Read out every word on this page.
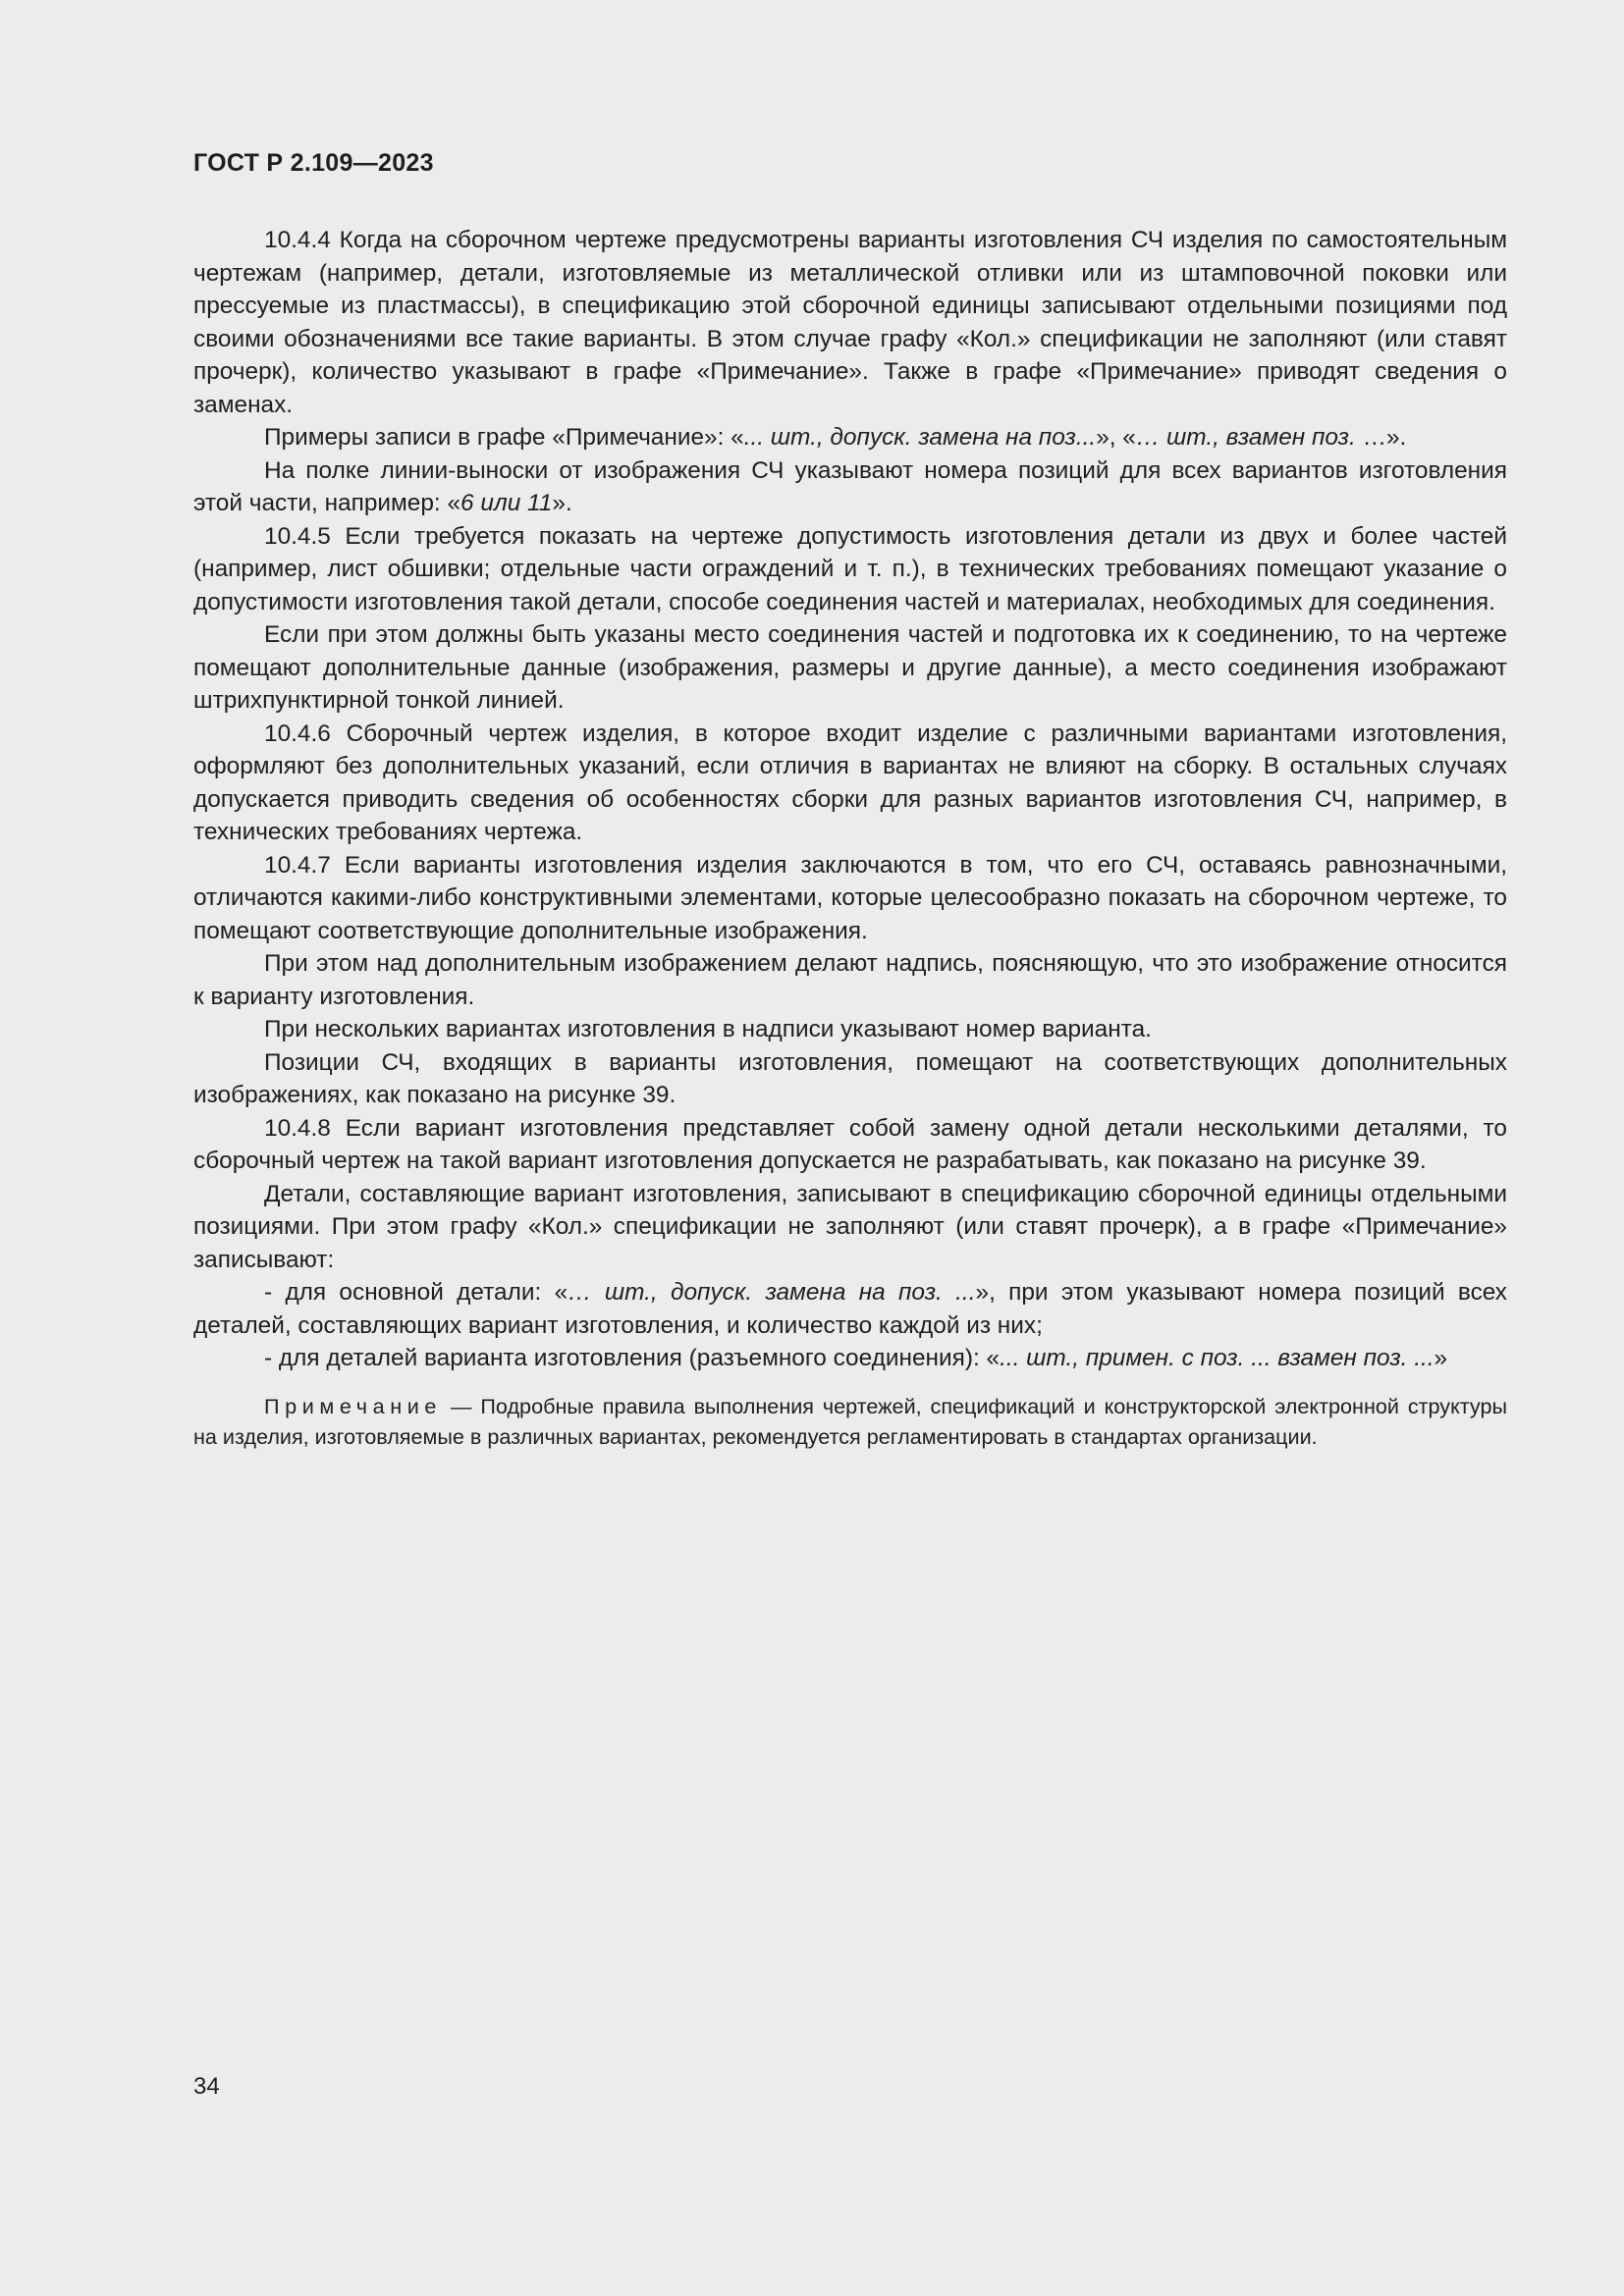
ГОСТ Р 2.109—2023

10.4.4 Когда на сборочном чертеже предусмотрены варианты изготовления СЧ изделия по самостоятельным чертежам (например, детали, изготовляемые из металлической отливки или из штамповочной поковки или прессуемые из пластмассы), в спецификацию этой сборочной единицы записывают отдельными позициями под своими обозначениями все такие варианты. В этом случае графу «Кол.» спецификации не заполняют (или ставят прочерк), количество указывают в графе «Примечание». Также в графе «Примечание» приводят сведения о заменах.

Примеры записи в графе «Примечание»: «... шт., допуск. замена на поз...», «… шт., взамен поз. …».

На полке линии-выноски от изображения СЧ указывают номера позиций для всех вариантов изготовления этой части, например: «6 или 11».

10.4.5 Если требуется показать на чертеже допустимость изготовления детали из двух и более частей (например, лист обшивки; отдельные части ограждений и т. п.), в технических требованиях помещают указание о допустимости изготовления такой детали, способе соединения частей и материалах, необходимых для соединения.

Если при этом должны быть указаны место соединения частей и подготовка их к соединению, то на чертеже помещают дополнительные данные (изображения, размеры и другие данные), а место соединения изображают штрихпунктирной тонкой линией.

10.4.6 Сборочный чертеж изделия, в которое входит изделие с различными вариантами изготовления, оформляют без дополнительных указаний, если отличия в вариантах не влияют на сборку. В остальных случаях допускается приводить сведения об особенностях сборки для разных вариантов изготовления СЧ, например, в технических требованиях чертежа.

10.4.7 Если варианты изготовления изделия заключаются в том, что его СЧ, оставаясь равнозначными, отличаются какими-либо конструктивными элементами, которые целесообразно показать на сборочном чертеже, то помещают соответствующие дополнительные изображения.

При этом над дополнительным изображением делают надпись, поясняющую, что это изображение относится к варианту изготовления.

При нескольких вариантах изготовления в надписи указывают номер варианта.

Позиции СЧ, входящих в варианты изготовления, помещают на соответствующих дополнительных изображениях, как показано на рисунке 39.

10.4.8 Если вариант изготовления представляет собой замену одной детали несколькими деталями, то сборочный чертеж на такой вариант изготовления допускается не разрабатывать, как показано на рисунке 39.

Детали, составляющие вариант изготовления, записывают в спецификацию сборочной единицы отдельными позициями. При этом графу «Кол.» спецификации не заполняют (или ставят прочерк), а в графе «Примечание» записывают:

- для основной детали: «… шт., допуск. замена на поз. ...», при этом указывают номера позиций всех деталей, составляющих вариант изготовления, и количество каждой из них;

- для деталей варианта изготовления (разъемного соединения): «... шт., примен. с поз. ... взамен поз. ...»

Примечание — Подробные правила выполнения чертежей, спецификаций и конструкторской электронной структуры на изделия, изготовляемые в различных вариантах, рекомендуется регламентировать в стандартах организации.

34
